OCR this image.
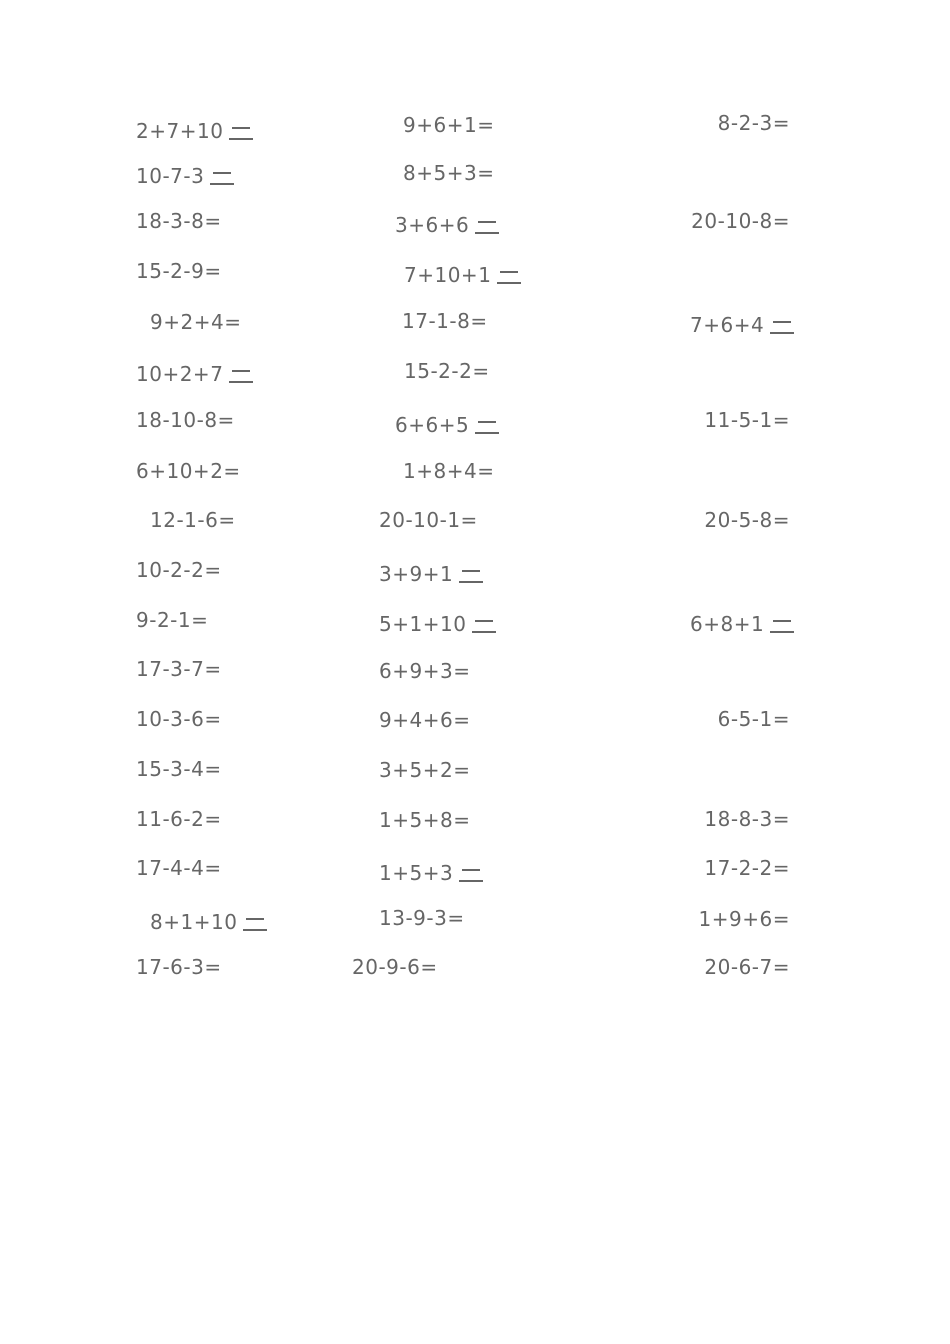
2+7+10	9+6+1=	8-2-3=
10-7-3	8+5+3=
18-3-8=	3+6+6	20-10-8=
15-2-9=	7+10+1
9+2+4=	17-1-8=	7+6+4
10+2+7	15-2-2=
18-10-8=	6+6+5	11-5-1=
6+10+2=	1+8+4=
12-1-6=	20-10-1=	20-5-8=
10-2-2=	3+9+1
9-2-1=	5+1+10	6+8+1
17-3-7=	6+9+3=
10-3-6=	9+4+6=	6-5-1=
15-3-4=	3+5+2=
11-6-2=	1+5+8=	18-8-3=
17-4-4=	1+5+3	17-2-2=
8+1+10	13-9-3=	1+9+6=
17-6-3=	20-9-6=	20-6-7=
